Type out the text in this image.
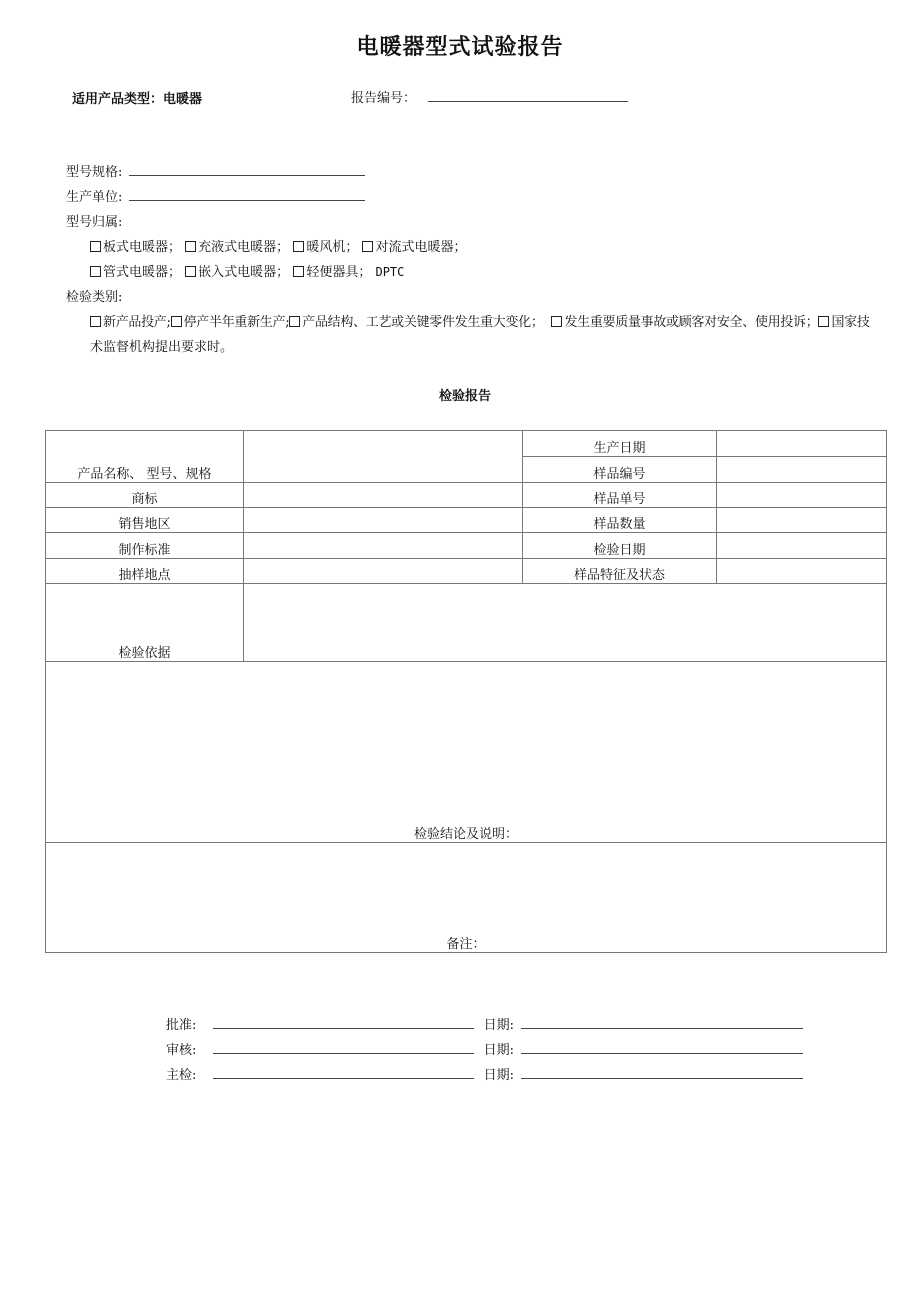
电暖器型式试验报告
适用产品类型：电暖器	报告编号：
型号规格:
生产单位:
型号归属:
板式电暖器； 充液式电暖器； 暖风机； 对流式电暖器；
管式电暖器； 嵌入式电暖器； 轻便器具； DPTC
检验类别:
新产品投产; 停产半年重新生产; 产品结构、工艺或关键零件发生重大变化； 发生重要质量事故或顾客对安全、使用投诉； 国家技
术监督机构提出要求时。
检验报告
产品名称、 型号、规格		生产日期	
		样品编号	
商标		样品单号	
销售地区		样品数量	
制作标准		检验日期	
抽样地点		样品特征及状态	
检验依据			
检验结论及说明：			
备注：			
批准:	日期:
审核:	日期:
主检:	日期:
